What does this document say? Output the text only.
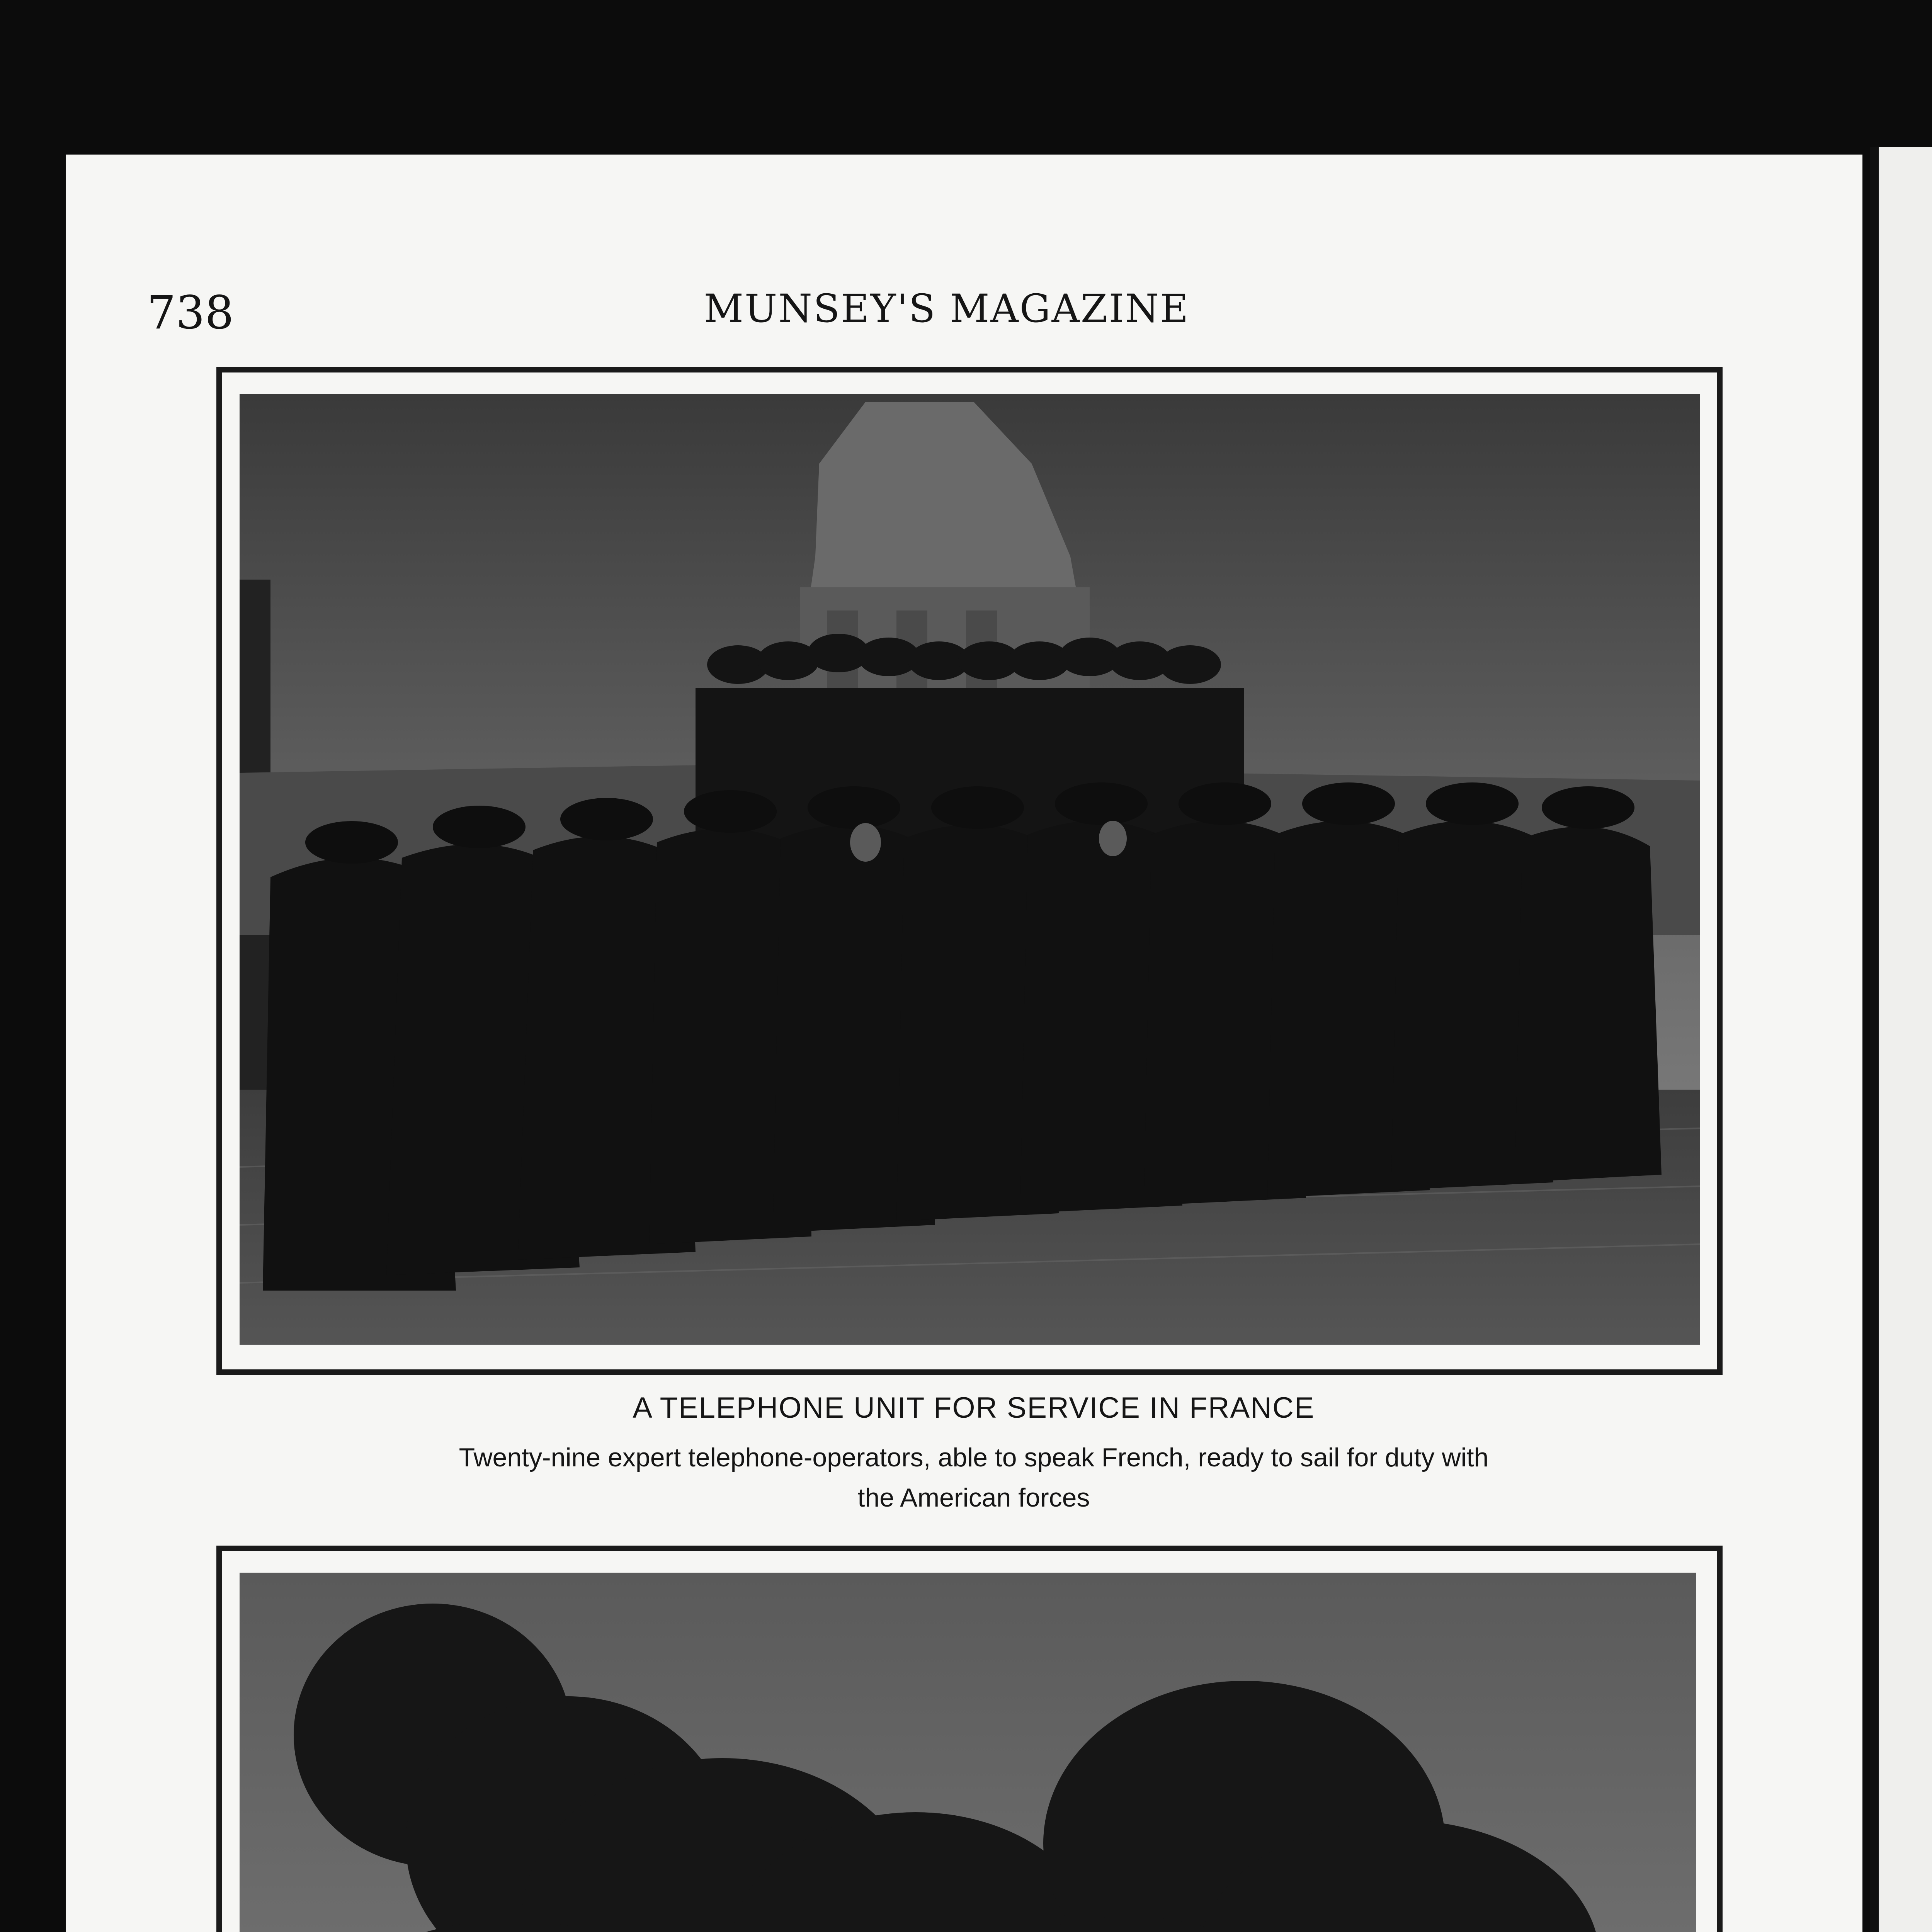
738	MUNSEY'S MAGAZINE
A TELEPHONE UNIT FOR SERVICE IN FRANCE
Twenty-nine expert telephone-operators, able to speak French, ready to sail for duty with
the American forces
